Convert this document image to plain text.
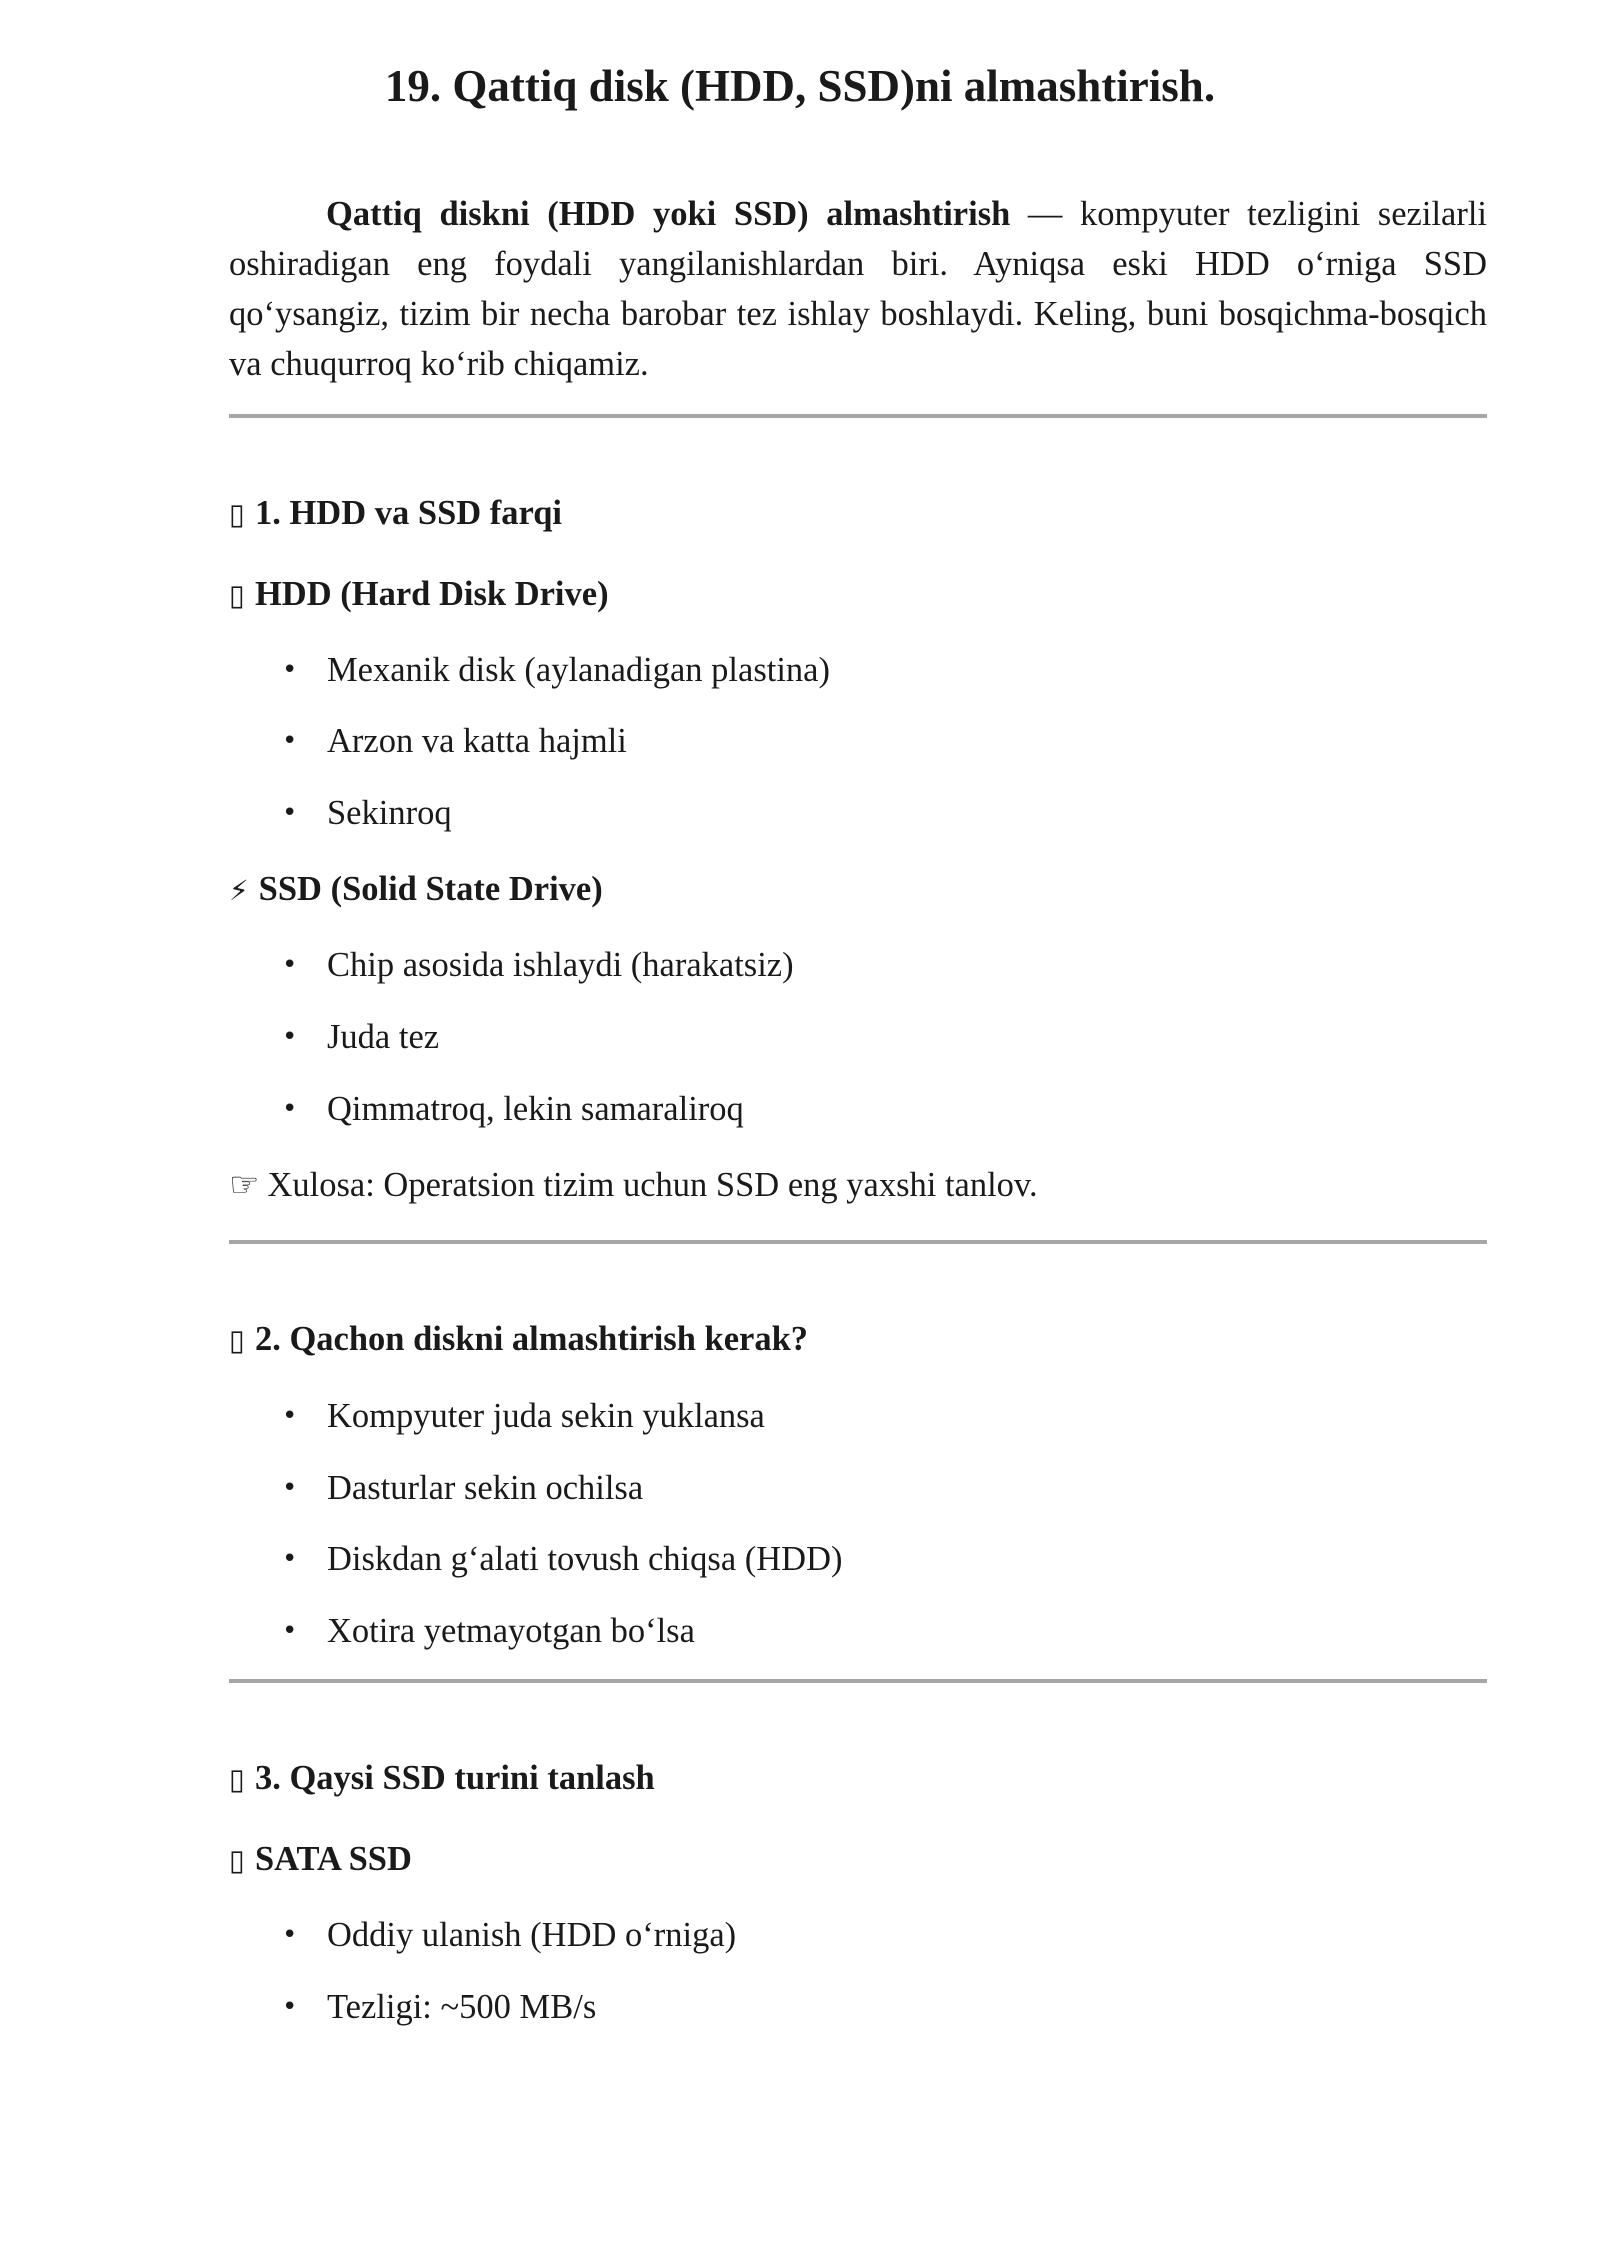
19. Qattiq disk (HDD, SSD)ni almashtirish.

Qattiq diskni (HDD yoki SSD) almashtirish — kompyuter tezligini sezilarli oshiradigan eng foydali yangilanishlardan biri. Ayniqsa eski HDD o‘rniga SSD qo‘ysangiz, tizim bir necha barobar tez ishlay boshlaydi. Keling, buni bosqichma-bosqich va chuqurroq ko‘rib chiqamiz.

▯ 1. HDD va SSD farqi
▯ HDD (Hard Disk Drive)
• Mexanik disk (aylanadigan plastina)
• Arzon va katta hajmli
• Sekinroq
⚡ SSD (Solid State Drive)
• Chip asosida ishlaydi (harakatsiz)
• Juda tez
• Qimmatroq, lekin samaraliroq
☞ Xulosa: Operatsion tizim uchun SSD eng yaxshi tanlov.
▯ 2. Qachon diskni almashtirish kerak?
• Kompyuter juda sekin yuklansa
• Dasturlar sekin ochilsa
• Diskdan g‘alati tovush chiqsa (HDD)
• Xotira yetmayotgan bo‘lsa
▯ 3. Qaysi SSD turini tanlash
▯ SATA SSD
• Oddiy ulanish (HDD o‘rniga)
• Tezligi: ~500 MB/s
